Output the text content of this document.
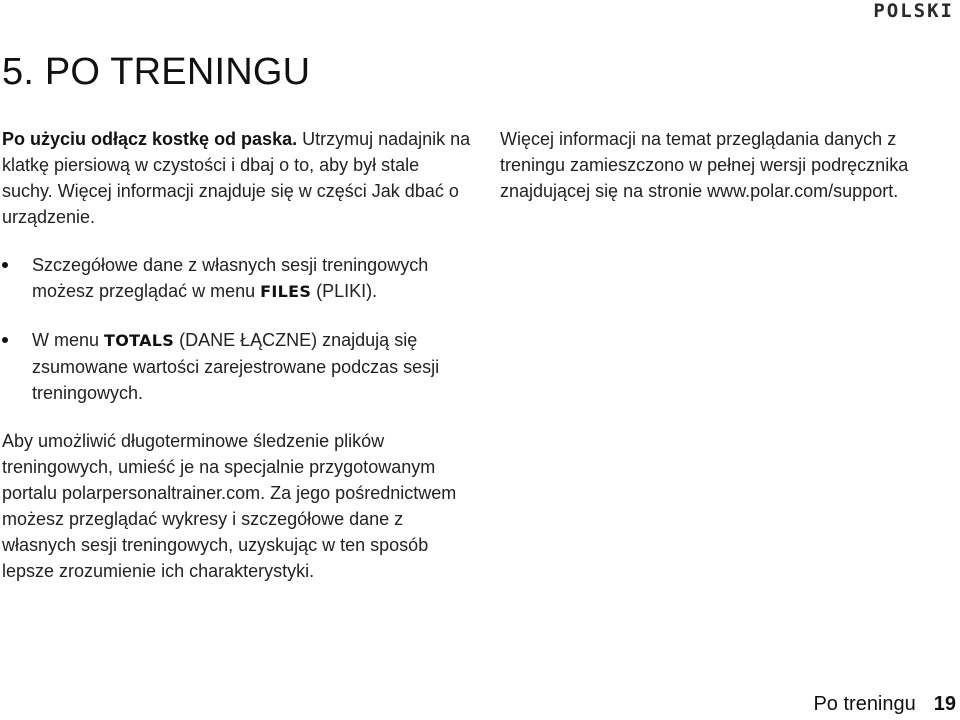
POLSKI
5. PO TRENINGU

Po użyciu odłącz kostkę od paska. Utrzymuj nadajnik na klatkę piersiową w czystości i dbaj o to, aby był stale suchy. Więcej informacji znajduje się w części Jak dbać o urządzenie.

Szczegółowe dane z własnych sesji treningowych możesz przeglądać w menu FILES (PLIKI).
W menu TOTALS (DANE ŁĄCZNE) znajdują się zsumowane wartości zarejestrowane podczas sesji treningowych.

Aby umożliwić długoterminowe śledzenie plików treningowych, umieść je na specjalnie przygotowanym portalu polarpersonaltrainer.com. Za jego pośrednictwem możesz przeglądać wykresy i szczegółowe dane z własnych sesji treningowych, uzyskując w ten sposób lepsze zrozumienie ich charakterystyki.

Więcej informacji na temat przeglądania danych z treningu zamieszczono w pełnej wersji podręcznika znajdującej się na stronie www.polar.com/support.

Po treningu 19
